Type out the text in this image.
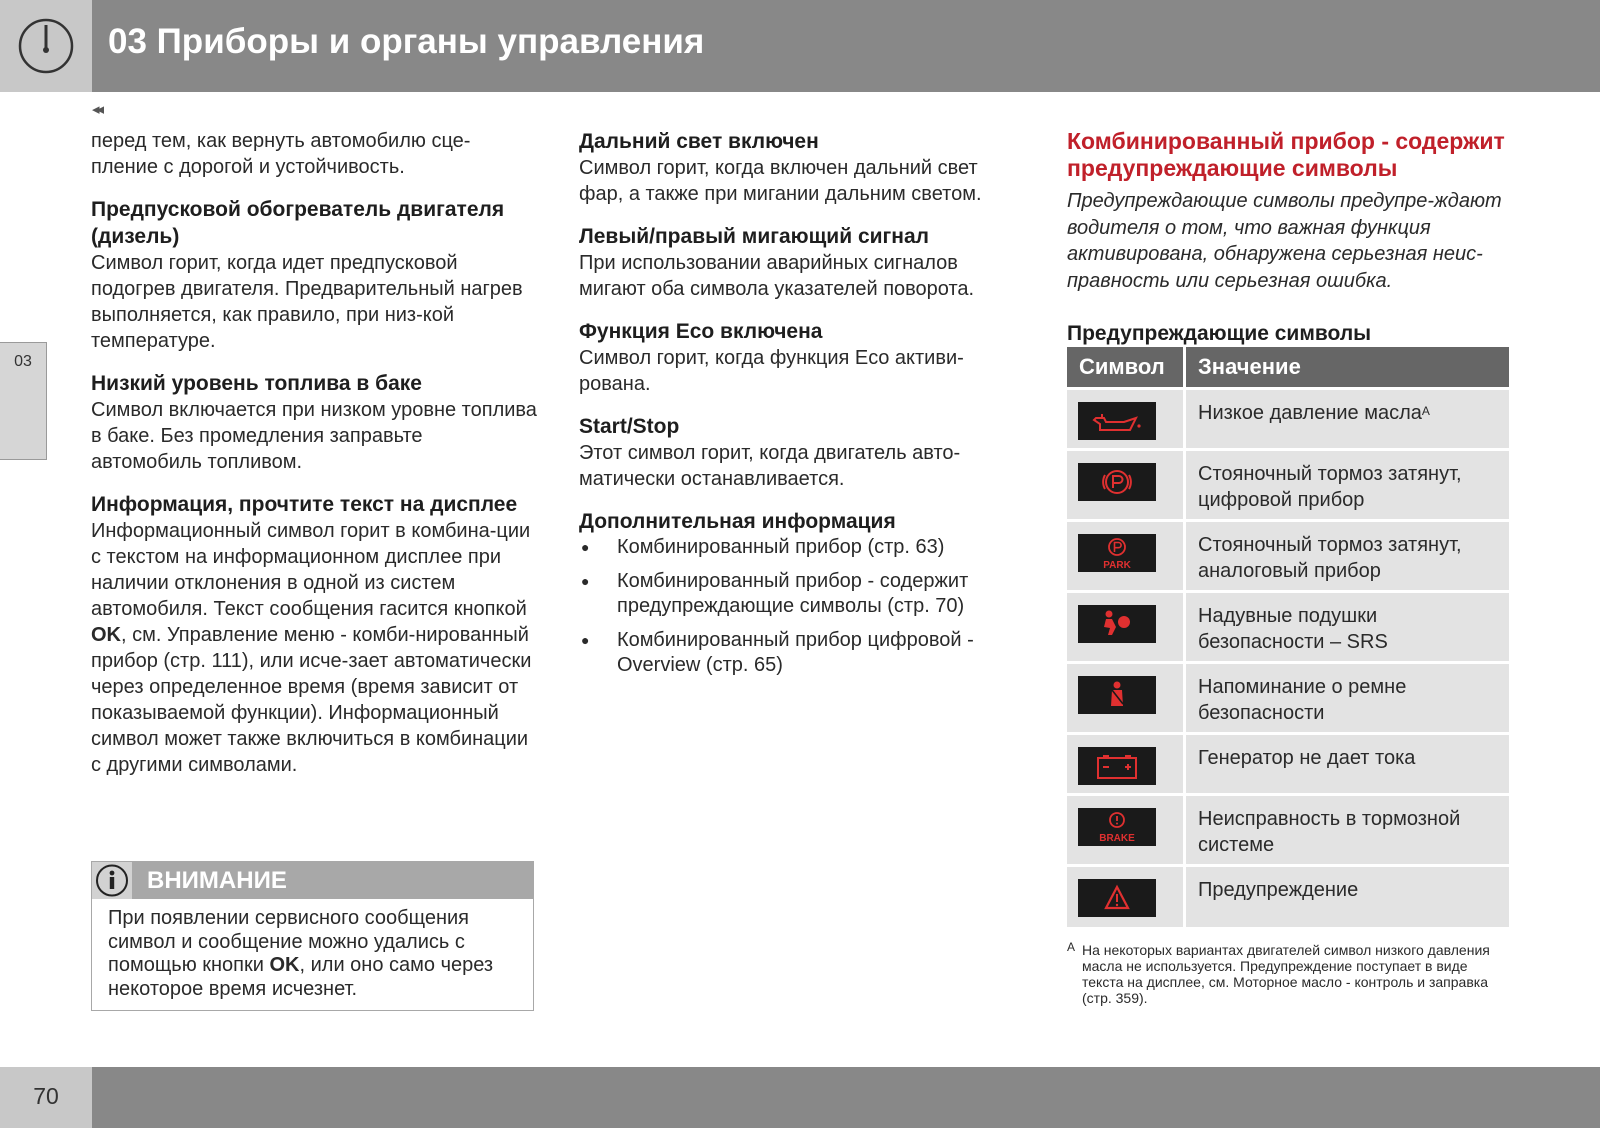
03 Приборы и органы управления
◂◂
03
перед тем, как вернуть автомобилю сце-пление с дорогой и устойчивость.
Предпусковой обогреватель двигателя (дизель)
Символ горит, когда идет предпусковой подогрев двигателя. Предварительный нагрев выполняется, как правило, при низ-кой температуре.
Низкий уровень топлива в баке
Символ включается при низком уровне топлива в баке. Без промедления заправьте автомобиль топливом.
Информация, прочтите текст на дисплее
Информационный символ горит в комбина-ции с текстом на информационном дисплее при наличии отклонения в одной из систем автомобиля. Текст сообщения гасится кнопкой OK, см. Управление меню - комби-нированный прибор (стр. 111), или исче-зает автоматически через определенное время (время зависит от показываемой функции). Информационный символ может также включиться в комбинации с другими символами.
ВНИМАНИЕ
При появлении сервисного сообщения символ и сообщение можно удались с помощью кнопки OK, или оно само через некоторое время исчезнет.
Дальний свет включен
Символ горит, когда включен дальний свет фар, а также при мигании дальним светом.
Левый/правый мигающий сигнал
При использовании аварийных сигналов мигают оба символа указателей поворота.
Функция Eco включена
Символ горит, когда функция Eco активи-рована.
Start/Stop
Этот символ горит, когда двигатель авто-матически останавливается.
Дополнительная информация
● Комбинированный прибор (стр. 63)
● Комбинированный прибор - содержит предупреждающие символы (стр. 70)
● Комбинированный прибор цифровой - Overview (стр. 65)
Комбинированный прибор - содержит предупреждающие символы
Предупреждающие символы предупре-ждают водителя о том, что важная функция активирована, обнаружена серьезная неис-правность или серьезная ошибка.
Предупреждающие символы
Символ	Значение

	Низкое давление масла$^A$

	Стояночный тормоз затянут, цифровой прибор

PARK	Стояночный тормоз затянут, аналоговый прибор

	Надувные подушки безопасности – SRS

	Напоминание о ремне безопасности

	Генератор не дает тока

BRAKE	Неисправность в тормозной системе

	Предупреждение
A На некоторых вариантах двигателей символ низкого давления масла не используется. Предупреждение поступает в виде текста на дисплее, см. Моторное масло - контроль и заправка (стр. 359).
70
